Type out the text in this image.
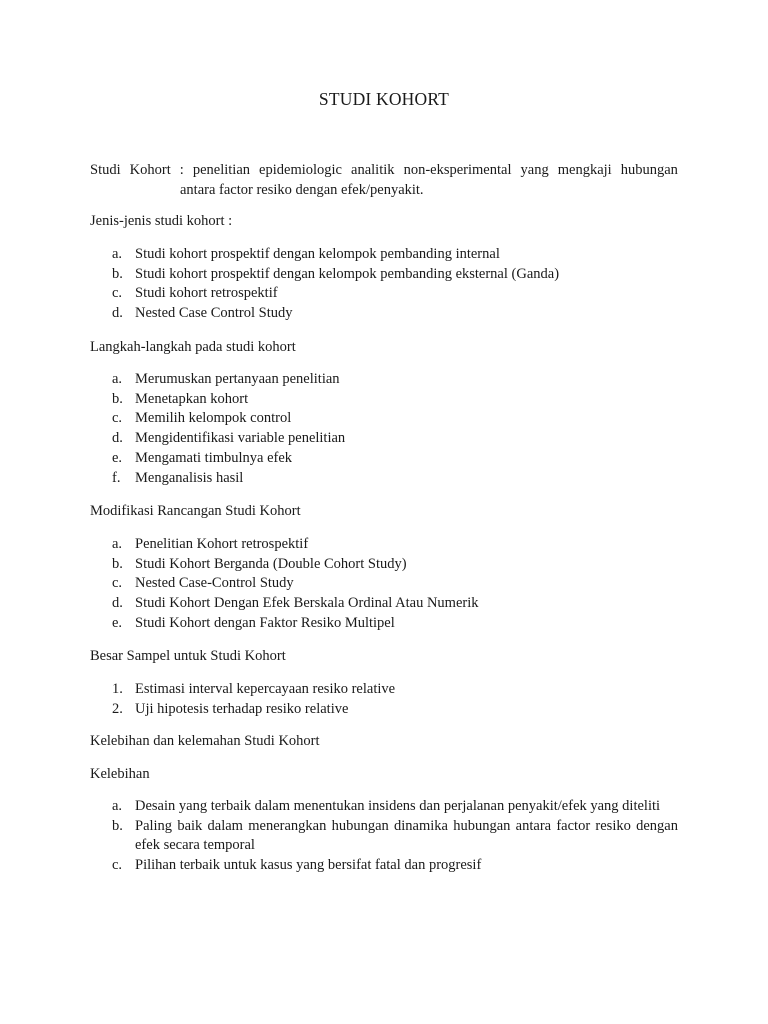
STUDI KOHORT
Studi Kohort : penelitian epidemiologic analitik non-eksperimental yang mengkaji hubungan
antara factor resiko dengan efek/penyakit.

Jenis-jenis studi kohort :

a. Studi kohort prospektif dengan kelompok pembanding internal
b. Studi kohort prospektif dengan kelompok pembanding eksternal (Ganda)
c. Studi kohort retrospektif
d. Nested Case Control Study

Langkah-langkah pada studi kohort

a. Merumuskan pertanyaan penelitian
b. Menetapkan kohort
c. Memilih kelompok control
d. Mengidentifikasi variable penelitian
e. Mengamati timbulnya efek
f. Menganalisis hasil

Modifikasi Rancangan Studi Kohort

a. Penelitian Kohort retrospektif
b. Studi Kohort Berganda (Double Cohort Study)
c. Nested Case-Control Study
d. Studi Kohort Dengan Efek Berskala Ordinal Atau Numerik
e. Studi Kohort dengan Faktor Resiko Multipel

Besar Sampel untuk Studi Kohort

1. Estimasi interval kepercayaan resiko relative
2. Uji hipotesis terhadap resiko relative

Kelebihan dan kelemahan Studi Kohort

Kelebihan

a. Desain yang terbaik dalam menentukan insidens dan perjalanan penyakit/efek yang diteliti
b. Paling baik dalam menerangkan hubungan dinamika hubungan antara factor resiko dengan efek secara temporal
c. Pilihan terbaik untuk kasus yang bersifat fatal dan progresif
